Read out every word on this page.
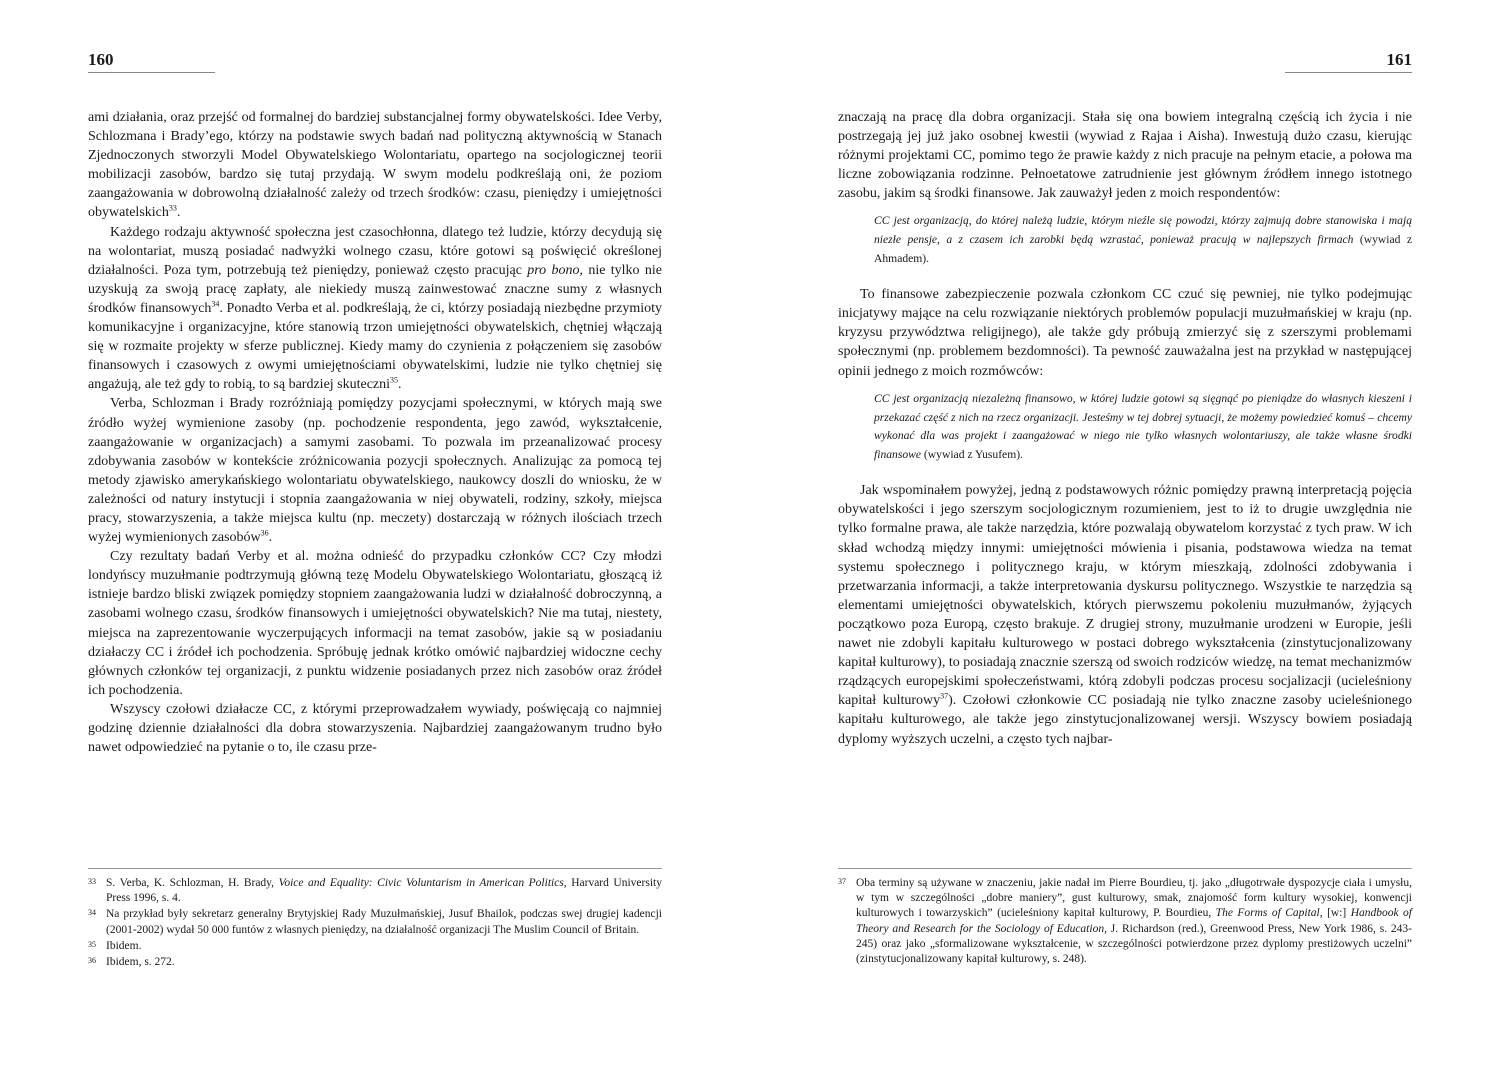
160

ami działania, oraz przejść od formalnej do bardziej substancjalnej formy obywatelskości. Idee Verby, Schlozmana i Brady’ego, którzy na podstawie swych badań nad polityczną aktywnością w Stanach Zjednoczonych stworzyli Model Obywatelskiego Wolontariatu, opartego na socjologicznej teorii mobilizacji zasobów, bardzo się tutaj przydają. W swym modelu podkreślają oni, że poziom zaangażowania w dobrowolną działalność zależy od trzech środków: czasu, pieniędzy i umiejętności obywatelskich$^{33}$.

Każdego rodzaju aktywność społeczna jest czasochłonna, dlatego też ludzie, którzy decydują się na wolontariat, muszą posiadać nadwyżki wolnego czasu, które gotowi są poświęcić określonej działalności. Poza tym, potrzebują też pieniędzy, ponieważ często pracując pro bono, nie tylko nie uzyskują za swoją pracę zapłaty, ale niekiedy muszą zainwestować znaczne sumy z własnych środków finansowych$^{34}$. Ponadto Verba et al. podkreślają, że ci, którzy posiadają niezbędne przymioty komunikacyjne i organizacyjne, które stanowią trzon umiejętności obywatelskich, chętniej włączają się w rozmaite projekty w sferze publicznej. Kiedy mamy do czynienia z połączeniem się zasobów finansowych i czasowych z owymi umiejętnościami obywatelskimi, ludzie nie tylko chętniej się angażują, ale też gdy to robią, to są bardziej skuteczni$^{35}$.

Verba, Schlozman i Brady rozróżniają pomiędzy pozycjami społecznymi, w których mają swe źródło wyżej wymienione zasoby (np. pochodzenie respondenta, jego zawód, wykształcenie, zaangażowanie w organizacjach) a samymi zasobami. To pozwala im przeanalizować procesy zdobywania zasobów w kontekście zróżnicowania pozycji społecznych. Analizując za pomocą tej metody zjawisko amerykańskiego wolontariatu obywatelskiego, naukowcy doszli do wniosku, że w zależności od natury instytucji i stopnia zaangażowania w niej obywateli, rodziny, szkoły, miejsca pracy, stowarzyszenia, a także miejsca kultu (np. meczety) dostarczają w różnych ilościach trzech wyżej wymienionych zasobów$^{36}$.

Czy rezultaty badań Verby et al. można odnieść do przypadku członków CC? Czy młodzi londyńscy muzułmanie podtrzymują główną tezę Modelu Obywatelskiego Wolontariatu, głoszącą iż istnieje bardzo bliski związek pomiędzy stopniem zaangażowania ludzi w działalność dobroczynną, a zasobami wolnego czasu, środków finansowych i umiejętności obywatelskich? Nie ma tutaj, niestety, miejsca na zaprezentowanie wyczerpujących informacji na temat zasobów, jakie są w posiadaniu działaczy CC i źródeł ich pochodzenia. Spróbuję jednak krótko omówić najbardziej widoczne cechy głównych członków tej organizacji, z punktu widzenie posiadanych przez nich zasobów oraz źródeł ich pochodzenia.

Wszyscy czołowi działacze CC, z którymi przeprowadzałem wywiady, poświęcają co najmniej godzinę dziennie działalności dla dobra stowarzyszenia. Najbardziej zaangażowanym trudno było nawet odpowiedzieć na pytanie o to, ile czasu prze-

33 S. Verba, K. Schlozman, H. Brady, Voice and Equality: Civic Voluntarism in American Politics, Harvard University Press 1996, s. 4.
34 Na przykład były sekretarz generalny Brytyjskiej Rady Muzułmańskiej, Jusuf Bhailok, podczas swej drugiej kadencji (2001-2002) wydał 50 000 funtów z własnych pieniędzy, na działalność organizacji The Muslim Council of Britain.
35 Ibidem.
36 Ibidem, s. 272.
161

znaczają na pracę dla dobra organizacji. Stała się ona bowiem integralną częścią ich życia i nie postrzegają jej już jako osobnej kwestii (wywiad z Rajaa i Aisha). Inwestują dużo czasu, kierując różnymi projektami CC, pomimo tego że prawie każdy z nich pracuje na pełnym etacie, a połowa ma liczne zobowiązania rodzinne. Pełnoetatowe zatrudnienie jest głównym źródłem innego istotnego zasobu, jakim są środki finansowe. Jak zauważył jeden z moich respondentów:

CC jest organizacją, do której należą ludzie, którym nieźle się powodzi, którzy zajmują dobre stanowiska i mają niezłe pensje, a z czasem ich zarobki będą wzrastać, ponieważ pracują w najlepszych firmach (wywiad z Ahmadem).

To finansowe zabezpieczenie pozwala członkom CC czuć się pewniej, nie tylko podejmując inicjatywy mające na celu rozwiązanie niektórych problemów populacji muzułmańskiej w kraju (np. kryzysu przywództwa religijnego), ale także gdy próbują zmierzyć się z szerszymi problemami społecznymi (np. problemem bezdomności). Ta pewność zauważalna jest na przykład w następującej opinii jednego z moich rozmówców:

CC jest organizacją niezależną finansowo, w której ludzie gotowi są sięgnąć po pieniądze do własnych kieszeni i przekazać część z nich na rzecz organizacji. Jesteśmy w tej dobrej sytuacji, że możemy powiedzieć komuś – chcemy wykonać dla was projekt i zaangażować w niego nie tylko własnych wolontariuszy, ale także własne środki finansowe (wywiad z Yusufem).

Jak wspominałem powyżej, jedną z podstawowych różnic pomiędzy prawną interpretacją pojęcia obywatelskości i jego szerszym socjologicznym rozumieniem, jest to iż to drugie uwzględnia nie tylko formalne prawa, ale także narzędzia, które pozwalają obywatelom korzystać z tych praw. W ich skład wchodzą między innymi: umiejętności mówienia i pisania, podstawowa wiedza na temat systemu społecznego i politycznego kraju, w którym mieszkają, zdolności zdobywania i przetwarzania informacji, a także interpretowania dyskursu politycznego. Wszystkie te narzędzia są elementami umiejętności obywatelskich, których pierwszemu pokoleniu muzułmanów, żyjących początkowo poza Europą, często brakuje. Z drugiej strony, muzułmanie urodzeni w Europie, jeśli nawet nie zdobyli kapitału kulturowego w postaci dobrego wykształcenia (zinstytucjonalizowany kapitał kulturowy), to posiadają znacznie szerszą od swoich rodziców wiedzę, na temat mechanizmów rządzących europejskimi społeczeństwami, którą zdobyli podczas procesu socjalizacji (ucieleśniony kapitał kulturowy$^{37}$). Czołowi członkowie CC posiadają nie tylko znaczne zasoby ucieleśnionego kapitału kulturowego, ale także jego zinstytucjonalizowanej wersji. Wszyscy bowiem posiadają dyplomy wyższych uczelni, a często tych najbar-

37 Oba terminy są używane w znaczeniu, jakie nadał im Pierre Bourdieu, tj. jako „długotrwałe dyspozycje ciała i umysłu, w tym w szczególności „dobre maniery”, gust kulturowy, smak, znajomość form kultury wysokiej, konwencji kulturowych i towarzyskich” (ucieleśniony kapitał kulturowy, P. Bourdieu, The Forms of Capital, [w:] Handbook of Theory and Research for the Sociology of Education, J. Richardson (red.), Greenwood Press, New York 1986, s. 243-245) oraz jako „sformalizowane wykształcenie, w szczególności potwierdzone przez dyplomy prestiżowych uczelni” (zinstytucjonalizowany kapitał kulturowy, s. 248).
